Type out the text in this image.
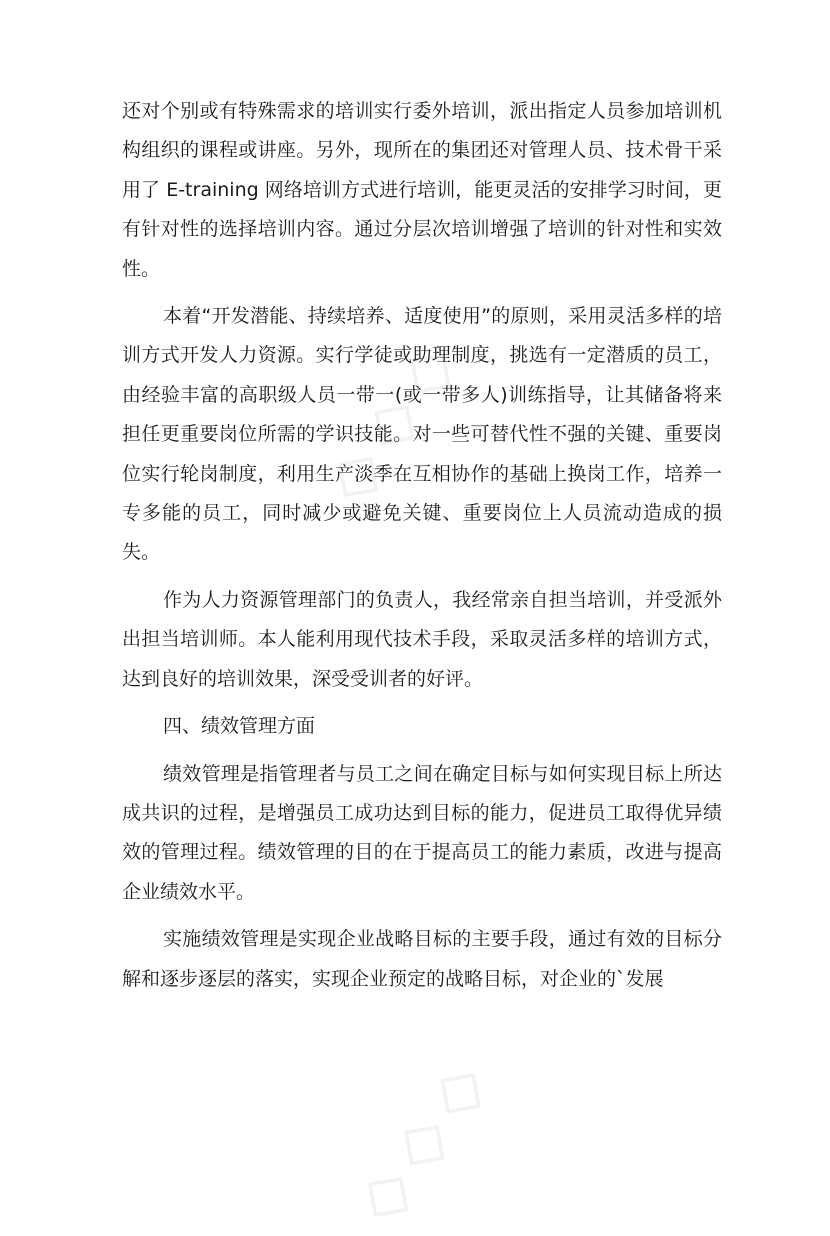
◇◇◇
◇◇◇

还对个别或有特殊需求的培训实行委外培训，派出指定人员参加培训机构组织的课程或讲座。另外，现所在的集团还对管理人员、技术骨干采用了 E-training 网络培训方式进行培训，能更灵活的安排学习时间，更有针对性的选择培训内容。通过分层次培训增强了培训的针对性和实效性。

本着“开发潜能、持续培养、适度使用”的原则，采用灵活多样的培训方式开发人力资源。实行学徒或助理制度，挑选有一定潜质的员工，由经验丰富的高职级人员一带一(或一带多人)训练指导，让其储备将来担任更重要岗位所需的学识技能。对一些可替代性不强的关键、重要岗位实行轮岗制度，利用生产淡季在互相协作的基础上换岗工作，培养一专多能的员工，同时减少或避免关键、重要岗位上人员流动造成的损失。

作为人力资源管理部门的负责人，我经常亲自担当培训，并受派外出担当培训师。本人能利用现代技术手段，采取灵活多样的培训方式，达到良好的培训效果，深受受训者的好评。

四、绩效管理方面

绩效管理是指管理者与员工之间在确定目标与如何实现目标上所达成共识的过程，是增强员工成功达到目标的能力，促进员工取得优异绩效的管理过程。绩效管理的目的在于提高员工的能力素质，改进与提高企业绩效水平。

实施绩效管理是实现企业战略目标的主要手段，通过有效的目标分解和逐步逐层的落实，实现企业预定的战略目标，对企业的`发展
